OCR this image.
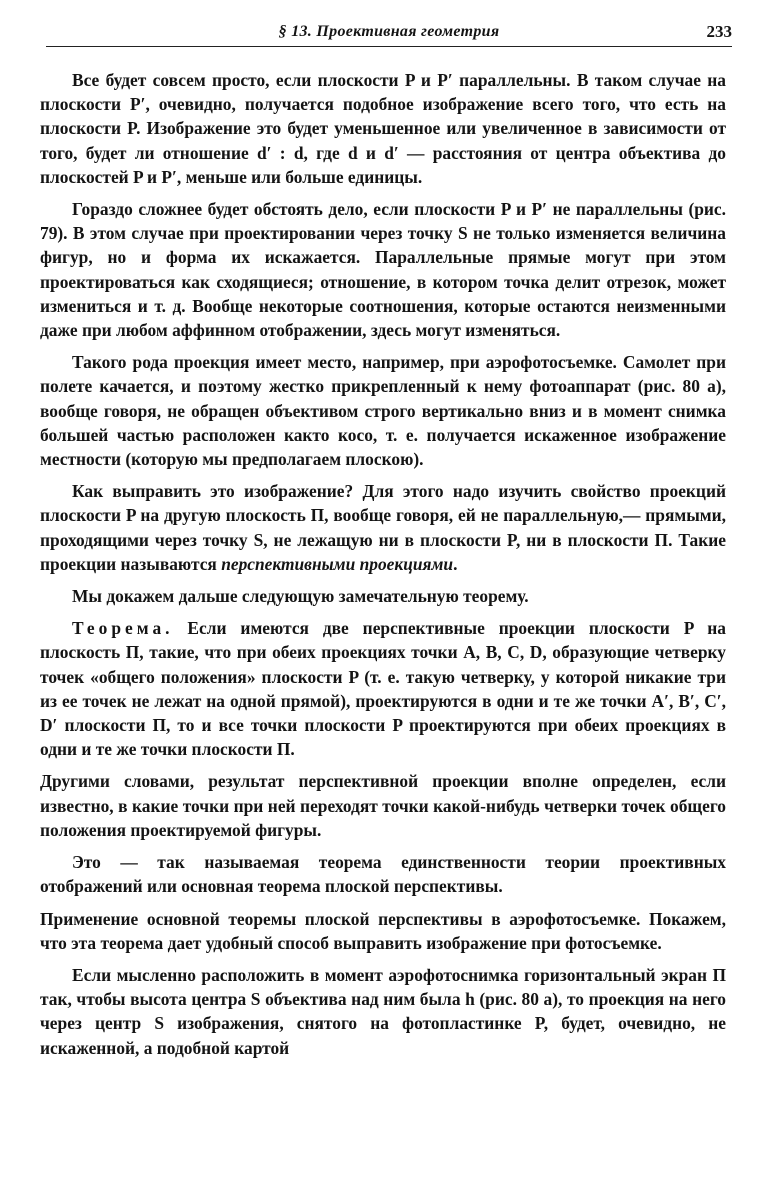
§ 13. Проективная геометрия	233

Все будет совсем просто, если плоскости P и P′ параллельны. В таком случае на плоскости P′, очевидно, получается подобное изображение всего того, что есть на плоскости P. Изображение это будет уменьшенное или увеличенное в зависимости от того, будет ли отношение d′ : d, где d и d′ — расстояния от центра объектива до плоскостей P и P′, меньше или больше единицы.

Гораздо сложнее будет обстоять дело, если плоскости P и P′ не параллельны (рис. 79). В этом случае при проектировании через точку S не только изменяется величина фигур, но и форма их искажается. Параллельные прямые могут при этом проектироваться как сходящиеся; отношение, в котором точка делит отрезок, может измениться и т. д. Вообще некоторые соотношения, которые остаются неизменными даже при любом аффинном отображении, здесь могут изменяться.

Такого рода проекция имеет место, например, при аэрофотосъемке. Самолет при полете качается, и поэтому жестко прикрепленный к нему фотоаппарат (рис. 80 а), вообще говоря, не обращен объективом строго вертикально вниз и в момент снимка большей частью расположен както косо, т. е. получается искаженное изображение местности (которую мы предполагаем плоскою).

Как выправить это изображение? Для этого надо изучить свойство проекций плоскости P на другую плоскость Π, вообще говоря, ей не параллельную,— прямыми, проходящими через точку S, не лежащую ни в плоскости P, ни в плоскости Π. Такие проекции называются перспективными проекциями.

Мы докажем дальше следующую замечательную теорему.

Теорема. Если имеются две перспективные проекции плоскости P на плоскость Π, такие, что при обеих проекциях точки A, B, C, D, образующие четверку точек «общего положения» плоскости P (т. е. такую четверку, у которой никакие три из ее точек не лежат на одной прямой), проектируются в одни и те же точки A′, B′, C′, D′ плоскости Π, то и все точки плоскости P проектируются при обеих проекциях в одни и те же точки плоскости Π.

Другими словами, результат перспективной проекции вполне определен, если известно, в какие точки при ней переходят точки какой-нибудь четверки точек общего положения проектируемой фигуры.

Это — так называемая теорема единственности теории проективных отображений или основная теорема плоской перспективы.

Применение основной теоремы плоской перспективы в аэрофотосъемке. Покажем, что эта теорема дает удобный способ выправить изображение при фотосъемке.

Если мысленно расположить в момент аэрофотоснимка горизонтальный экран Π так, чтобы высота центра S объектива над ним была h (рис. 80 а), то проекция на него через центр S изображения, снятого на фотопластинке P, будет, очевидно, не искаженной, а подобной картой
